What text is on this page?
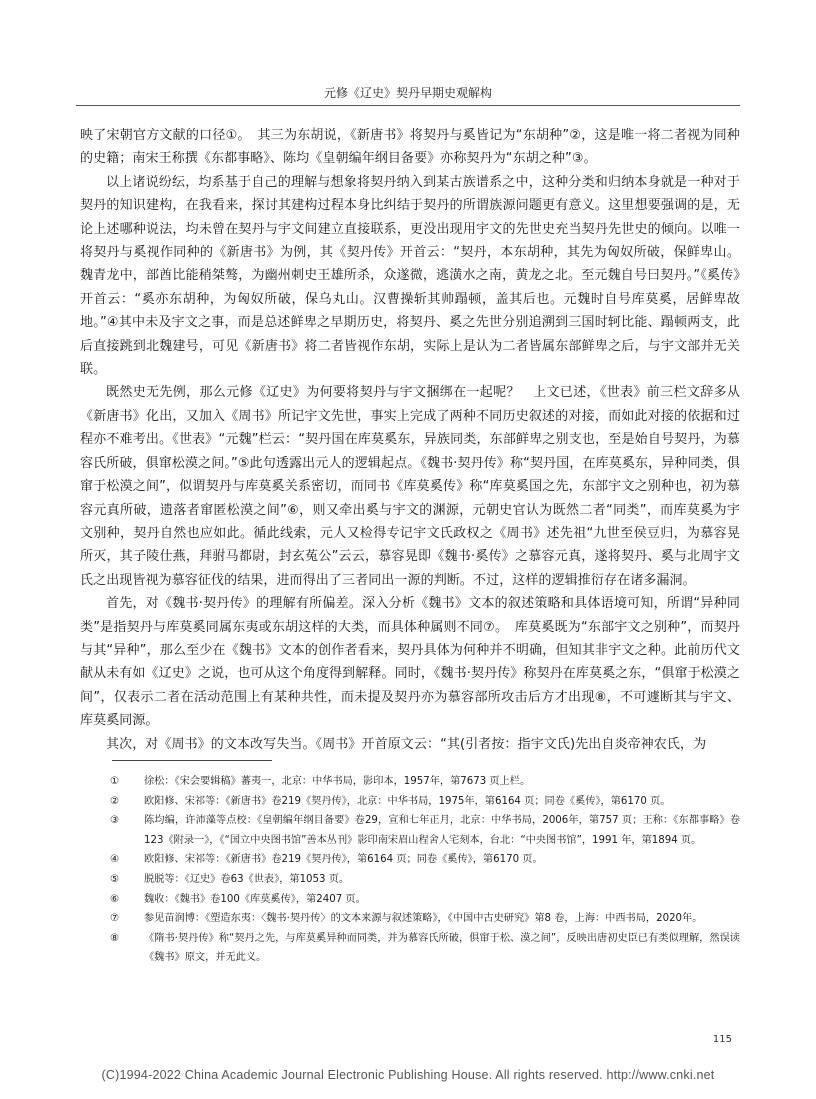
元修《辽史》契丹早期史观解构

映了宋朝官方文献的口径①。　其三为东胡说，《新唐书》将契丹与奚皆记为“东胡种”②，这是唯一将二者视为同种的史籍；南宋王称撰《东都事略》、陈均《皇朝编年纲目备要》亦称契丹为“东胡之种”③。

以上诸说纷纭，均系基于自己的理解与想象将契丹纳入到某古族谱系之中，这种分类和归纳本身就是一种对于契丹的知识建构，在我看来，探讨其建构过程本身比纠结于契丹的所谓族源问题更有意义。这里想要强调的是，无论上述哪种说法，均未曾在契丹与宇文间建立直接联系，更没出现用宇文的先世史充当契丹先世史的倾向。以唯一将契丹与奚视作同种的《新唐书》为例，其《契丹传》开首云：“契丹，本东胡种，其先为匈奴所破，保鲜卑山。魏青龙中，部酋比能稍桀骜，为幽州刺史王雄所杀，众遂微，逃潢水之南，黄龙之北。至元魏自号曰契丹。”《奚传》开首云：“奚亦东胡种，为匈奴所破，保乌丸山。汉曹操斩其帅蹋顿，盖其后也。元魏时自号库莫奚，居鲜卑故地。”④其中未及宇文之事，而是总述鲜卑之早期历史，将契丹、奚之先世分别追溯到三国时轲比能、蹋顿两支，此后直接跳到北魏建号，可见《新唐书》将二者皆视作东胡，实际上是认为二者皆属东部鲜卑之后，与宇文部并无关联。

既然史无先例，那么元修《辽史》为何要将契丹与宇文捆绑在一起呢？　上文已述，《世表》前三栏文辞多从《新唐书》化出，又加入《周书》所记宇文先世，事实上完成了两种不同历史叙述的对接，而如此对接的依据和过程亦不难考出。《世表》“元魏”栏云：“契丹国在库莫奚东，异族同类，东部鲜卑之别支也，至是始自号契丹，为慕容氏所破，俱窜松漠之间。”⑤此句透露出元人的逻辑起点。《魏书·契丹传》称“契丹国，在库莫奚东，异种同类，俱窜于松漠之间”，似谓契丹与库莫奚关系密切，而同书《库莫奚传》称“库莫奚国之先，东部宇文之别种也，初为慕容元真所破，遗落者窜匿松漠之间”⑥，则又牵出奚与宇文的渊源，元朝史官认为既然二者“同类”，而库莫奚为宇文别种，契丹自然也应如此。循此线索，元人又检得专记宇文氏政权之《周书》述先祖“九世至侯豆归，为慕容晃所灭，其子陵仕燕，拜驸马都尉，封玄菟公”云云，慕容晃即《魏书·奚传》之慕容元真，遂将契丹、奚与北周宇文氏之出现皆视为慕容征伐的结果，进而得出了三者同出一源的判断。不过，这样的逻辑推衍存在诸多漏洞。

首先，对《魏书·契丹传》的理解有所偏差。深入分析《魏书》文本的叙述策略和具体语境可知，所谓“异种同类”是指契丹与库莫奚同属东夷或东胡这样的大类，而具体种属则不同⑦。　库莫奚既为“东部宇文之别种”，而契丹与其“异种”，那么至少在《魏书》文本的创作者看来，契丹具体为何种并不明确，但知其非宇文之种。此前历代文献从未有如《辽史》之说，也可从这个角度得到解释。同时，《魏书·契丹传》称契丹在库莫奚之东，“俱窜于松漠之间”，仅表示二者在活动范围上有某种共性，而未提及契丹亦为慕容部所攻击后方才出现⑧，不可遽断其与宇文、库莫奚同源。

其次，对《周书》的文本改写失当。《周书》开首原文云：“其(引者按：指宇文氏)先出自炎帝神农氏，为

① 徐松：《宋会要辑稿》蕃夷一，北京：中华书局，影印本，1957年，第7673 页上栏。

② 欧阳修、宋祁等：《新唐书》卷219《契丹传》，北京：中华书局，1975年，第6164 页；同卷《奚传》，第6170 页。

③ 陈均编，许沛藻等点校：《皇朝编年纲目备要》卷29，宣和七年正月，北京：中华书局，2006年，第757 页；王称：《东都事略》卷123《附录一》，《“国立中央图书馆”善本丛刊》影印南宋眉山程舍人宅刻本，台北：“中央图书馆”，1991 年，第1894 页。

④ 欧阳修、宋祁等：《新唐书》卷219《契丹传》，第6164 页；同卷《奚传》，第6170 页。

⑤ 脱脱等：《辽史》卷63《世表》，第1053 页。

⑥ 魏收：《魏书》卷100《库莫奚传》，第2407 页。

⑦ 参见苗润博：《塑造东夷：〈魏书·契丹传〉的文本来源与叙述策略》，《中国中古史研究》第8 卷，上海：中西书局，2020年。

⑧ 《隋书·契丹传》称“契丹之先，与库莫奚异种而同类，并为慕容氏所破，俱窜于松、漠之间”，反映出唐初史臣已有类似理解，然误读《魏书》原文，并无此义。

115
(C)1994-2022 China Academic Journal Electronic Publishing House. All rights reserved. http://www.cnki.net
